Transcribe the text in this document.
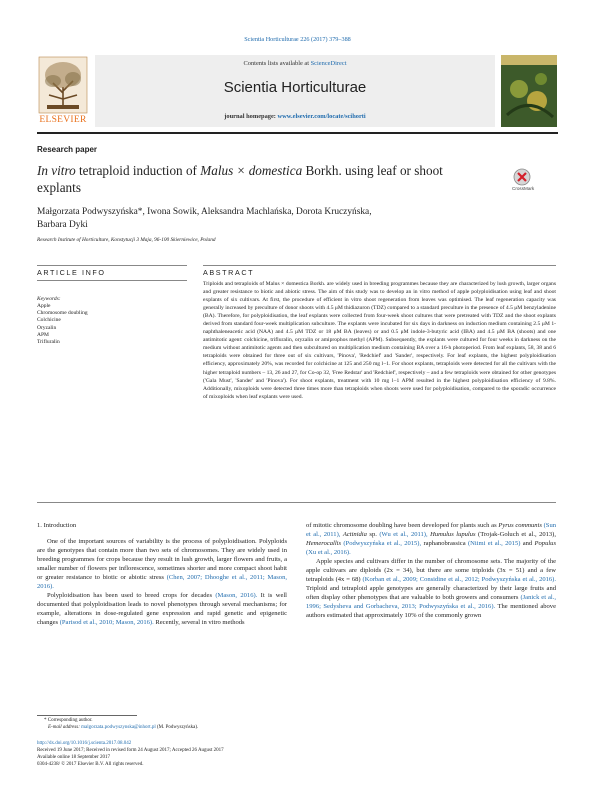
Scientia Horticulturae 226 (2017) 379–388
ELSEVIER
Contents lists available at ScienceDirect
Scientia Horticulturae
journal homepage: www.elsevier.com/locate/scihorti
Research paper
In vitro tetraploid induction of Malus × domestica Borkh. using leaf or shoot explants	CrossMark
Małgorzata Podwyszyńska*, Iwona Sowik, Aleksandra Machlańska, Dorota Kruczyńska,
Barbara Dyki
Research Institute of Horticulture, Konstytucji 3 Maja, 96-100 Skierniewice, Poland
ARTICLE INFO
Keywords:
Apple
Chromosome doubling
Colchicine
Oryzalin
APM
Trifluralin
ABSTRACT
Triploids and tetraploids of Malus × domestica Borkh. are widely used in breeding programmes because they are characterized by lush growth, larger organs and greater resistance to biotic and abiotic stress. The aim of this study was to develop an in vitro method of apple polyploidisation using leaf and shoot explants of six cultivars. At first, the procedure of efficient in vitro shoot regeneration from leaves was optimised. The leaf regeneration capacity was generally increased by preculture of donor shoots with 4.5 μM thidiazuron (TDZ) compared to a standard preculture in the presence of 4.5 μM benzyladenine (BA). Therefore, for polyploidisation, the leaf explants were collected from four-week shoot cultures that were pretreated with TDZ and the shoot explants derived from standard four-week multiplication subculture. The explants were incubated for six days in darkness on induction medium containing 2.5 μM 1-naphthaleneacetic acid (NAA) and 4.5 μM TDZ or 18 μM BA (leaves) or and 0.5 μM indole-3-butyric acid (IBA) and 4.5 μM BA (shoots) and one antimitotic agent: colchicine, trifluralin, oryzalin or amiprophos methyl (APM). Subsequently, the explants were cultured for four weeks in darkness on the medium without antimitotic agents and then subcultured on multiplication medium containing BA over a 16-h photoperiod. From leaf explants, 58, 38 and 6 tetraploids were obtained for three out of six cultivars, 'Pinova', 'Redchief' and 'Sander', respectively. For leaf explants, the highest polyploidisation efficiency, approximately 20%, was recorded for colchicine at 125 and 250 mg l−1. For shoot explants, tetraploids were detected for all the cultivars with the higher tetraploid numbers – 13, 26 and 27, for Co-op 32, 'Free Redstar' and 'Redchief', respectively – and a few tetraploids were obtained for other genotypes ('Gala Must', 'Sander' and 'Pinova'). For shoot explants, treatment with 10 mg l−1 APM resulted in the highest polyploidisation efficiency of 9.8%. Additionally, mixoploids were detected three times more than tetraploids when shoots were used for polyploidisation, compared to the sporadic occurrence of mixoploids when leaf explants were used.
1. Introduction

One of the important sources of variability is the process of polyploidisation. Polyploids are the genotypes that contain more than two sets of chromosomes. They are widely used in breeding programmes for crops because they result in lush growth, larger flowers and fruits, a smaller number of flowers per inflorescence, sometimes shorter and more compact shoot habit or greater resistance to biotic or abiotic stress (Chen, 2007; Dhooghe et al., 2011; Mason, 2016).

Polyploidisation has been used to breed crops for decades (Mason, 2016). It is well documented that polyploidisation leads to novel phenotypes through several mechanisms; for example, alterations in dose-regulated gene expression and rapid genetic and epigenetic changes (Parisod et al., 2010; Mason, 2016). Recently, several in vitro methods

of mitotic chromosome doubling have been developed for plants such as Pyrus communis (Sun et al., 2011), Actinidia sp. (Wu et al., 2011), Humulus lupulus (Trojak-Goluch et al., 2013), Hemerocallis (Podwyszyńska et al., 2015), raphanobrassica (Niimi et al., 2015) and Populus (Xu et al., 2016).

Apple species and cultivars differ in the number of chromosome sets. The majority of the apple cultivars are diploids (2x = 34), but there are some triploids (3x = 51) and a few tetraploids (4x = 68) (Korban et al., 2009; Considine et al., 2012; Podwyszyńska et al., 2016). Triploid and tetraploid apple genotypes are generally characterized by their large fruits and often display other phenotypes that are valuable to both growers and consumers (Janick et al., 1996; Sedysheva and Gorbacheva, 2013; Podwyszyńska et al., 2016). The mentioned above authors estimated that approximately 10% of the commonly grown

* Corresponding author.
E-mail address: malgorzata.podwyszynska@inhort.pl (M. Podwyszyńska).
http://dx.doi.org/10.1016/j.scienta.2017.08.042
Received 19 June 2017; Received in revised form 24 August 2017; Accepted 26 August 2017
Available online 18 September 2017
0304-4238/ © 2017 Elsevier B.V. All rights reserved.
